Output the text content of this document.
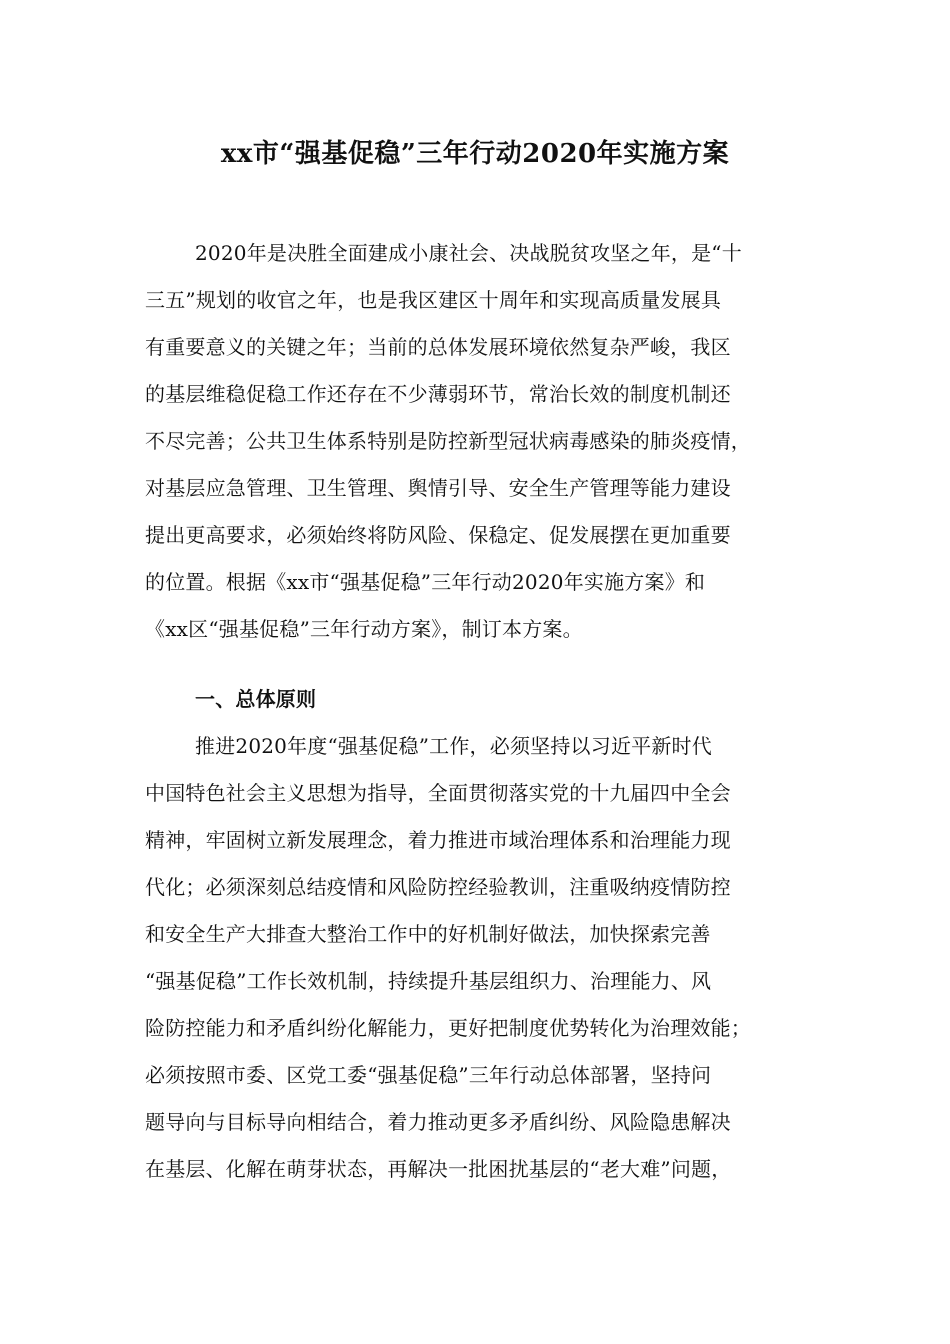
xx市“强基促稳”三年行动2020年实施方案
2020年是决胜全面建成小康社会、决战脱贫攻坚之年，是“十
三五”规划的收官之年，也是我区建区十周年和实现高质量发展具
有重要意义的关键之年；当前的总体发展环境依然复杂严峻，我区
的基层维稳促稳工作还存在不少薄弱环节，常治长效的制度机制还
不尽完善；公共卫生体系特别是防控新型冠状病毒感染的肺炎疫情，
对基层应急管理、卫生管理、舆情引导、安全生产管理等能力建设
提出更高要求，必须始终将防风险、保稳定、促发展摆在更加重要
的位置。根据《xx市“强基促稳”三年行动2020年实施方案》和
《xx区“强基促稳”三年行动方案》，制订本方案。
一、总体原则
推进2020年度“强基促稳”工作，必须坚持以习近平新时代
中国特色社会主义思想为指导，全面贯彻落实党的十九届四中全会
精神，牢固树立新发展理念，着力推进市域治理体系和治理能力现
代化；必须深刻总结疫情和风险防控经验教训，注重吸纳疫情防控
和安全生产大排查大整治工作中的好机制好做法，加快探索完善
“强基促稳”工作长效机制，持续提升基层组织力、治理能力、风
险防控能力和矛盾纠纷化解能力，更好把制度优势转化为治理效能；
必须按照市委、区党工委“强基促稳”三年行动总体部署，坚持问
题导向与目标导向相结合，着力推动更多矛盾纠纷、风险隐患解决
在基层、化解在萌芽状态，再解决一批困扰基层的“老大难”问题，
